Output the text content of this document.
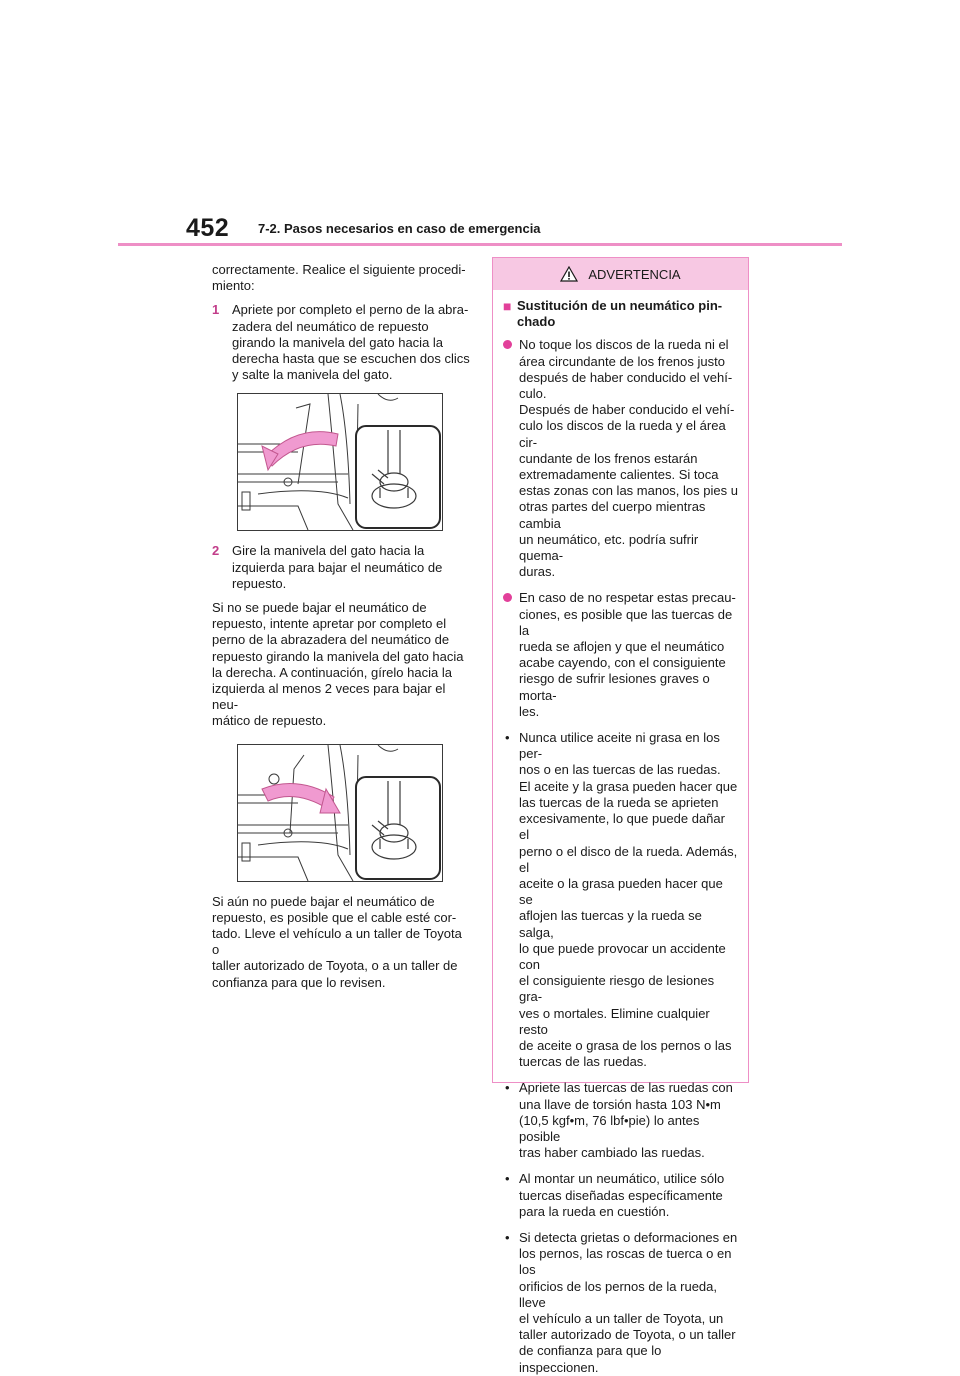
452 7-2. Pasos necesarios en caso de emergencia

correctamente. Realice el siguiente procedi-
miento:

1 Apriete por completo el perno de la abra-
zadera del neumático de repuesto
girando la manivela del gato hacia la
derecha hasta que se escuchen dos clics
y salte la manivela del gato.
2 Gire la manivela del gato hacia la
izquierda para bajar el neumático de
repuesto.

Si no se puede bajar el neumático de
repuesto, intente apretar por completo el
perno de la abrazadera del neumático de
repuesto girando la manivela del gato hacia
la derecha. A continuación, gírelo hacia la
izquierda al menos 2 veces para bajar el neu-
mático de repuesto.

Si aún no puede bajar el neumático de
repuesto, es posible que el cable esté cor-
tado. Lleve el vehículo a un taller de Toyota o
taller autorizado de Toyota, o a un taller de
confianza para que lo revisen.

ADVERTENCIA
■ Sustitución de un neumático pin-
chado
No toque los discos de la rueda ni el
área circundante de los frenos justo
después de haber conducido el vehí-
culo.
Después de haber conducido el vehí-
culo los discos de la rueda y el área cir-
cundante de los frenos estarán
extremadamente calientes. Si toca
estas zonas con las manos, los pies u
otras partes del cuerpo mientras cambia
un neumático, etc. podría sufrir quema-
duras.
En caso de no respetar estas precau-
ciones, es posible que las tuercas de la
rueda se aflojen y que el neumático
acabe cayendo, con el consiguiente
riesgo de sufrir lesiones graves o morta-
les.
• Nunca utilice aceite ni grasa en los per-
nos o en las tuercas de las ruedas.
El aceite y la grasa pueden hacer que
las tuercas de la rueda se aprieten
excesivamente, lo que puede dañar el
perno o el disco de la rueda. Además, el
aceite o la grasa pueden hacer que se
aflojen las tuercas y la rueda se salga,
lo que puede provocar un accidente con
el consiguiente riesgo de lesiones gra-
ves o mortales. Elimine cualquier resto
de aceite o grasa de los pernos o las
tuercas de las ruedas.
• Apriete las tuercas de las ruedas con
una llave de torsión hasta 103 N•m
(10,5 kgf•m, 76 lbf•pie) lo antes posible
tras haber cambiado las ruedas.
• Al montar un neumático, utilice sólo
tuercas diseñadas específicamente
para la rueda en cuestión.
• Si detecta grietas o deformaciones en
los pernos, las roscas de tuerca o en los
orificios de los pernos de la rueda, lleve
el vehículo a un taller de Toyota, un
taller autorizado de Toyota, o un taller
de confianza para que lo inspeccionen.
